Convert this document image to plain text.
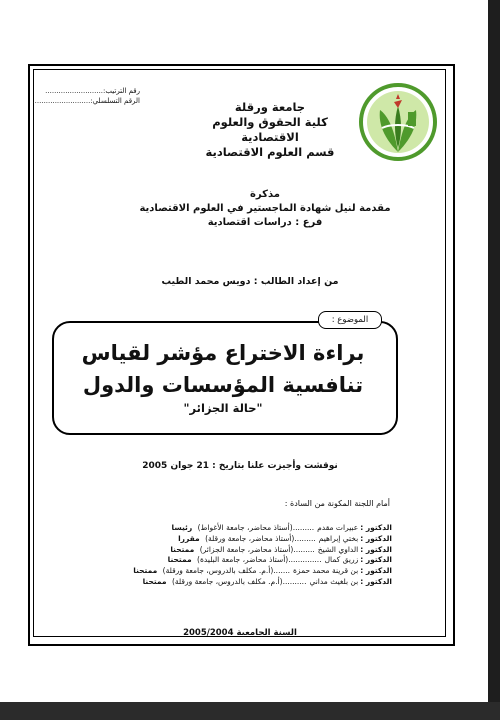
رقم الترتيب:..........................
الرقم التسلسلي:..........................	جامعة ورقلة
كلية الحقوق والعلوم الاقتصادية
قسم العلوم الاقتصادية
مذكرة
مقدمة لنيل شهادة الماجستير في العلوم الاقتصادية
فرع : دراسات اقتصادية
من إعداد الطالب : دويس محمد الطيب
الموضوع :
براءة الاختراع مؤشر لقياس
تنافسية المؤسسات والدول
"حالة الجزائر"
نوقشت وأجيزت علنا بتاريخ : 21 جوان 2005
أمام اللجنة المكونة من السادة :
الدكتور :
عبيرات مقدم
.........
(أستاذ محاضر، جامعة الأغواط)

رئيسا
الدكتور :
بختي إبراهيم
.........
(أستاذ محاضر، جامعة ورقلة)

مقررا
الدكتور :
الداوي الشيخ
.........
(أستاذ محاضر، جامعة الجزائر)

ممتحنا
الدكتور :
زريق كمال
..............
(أستاذ محاضر، جامعة البليدة)

ممتحنا
الدكتور :
بن قرينة محمد حمزة
.......
(أ.م. مكلف بالدروس، جامعة ورقلة)

ممتحنا
الدكتور :
بن بلغيث مداني
..........
(أ.م. مكلف بالدروس، جامعة ورقلة)

ممتحنا
السنة الجامعية 2005/2004
